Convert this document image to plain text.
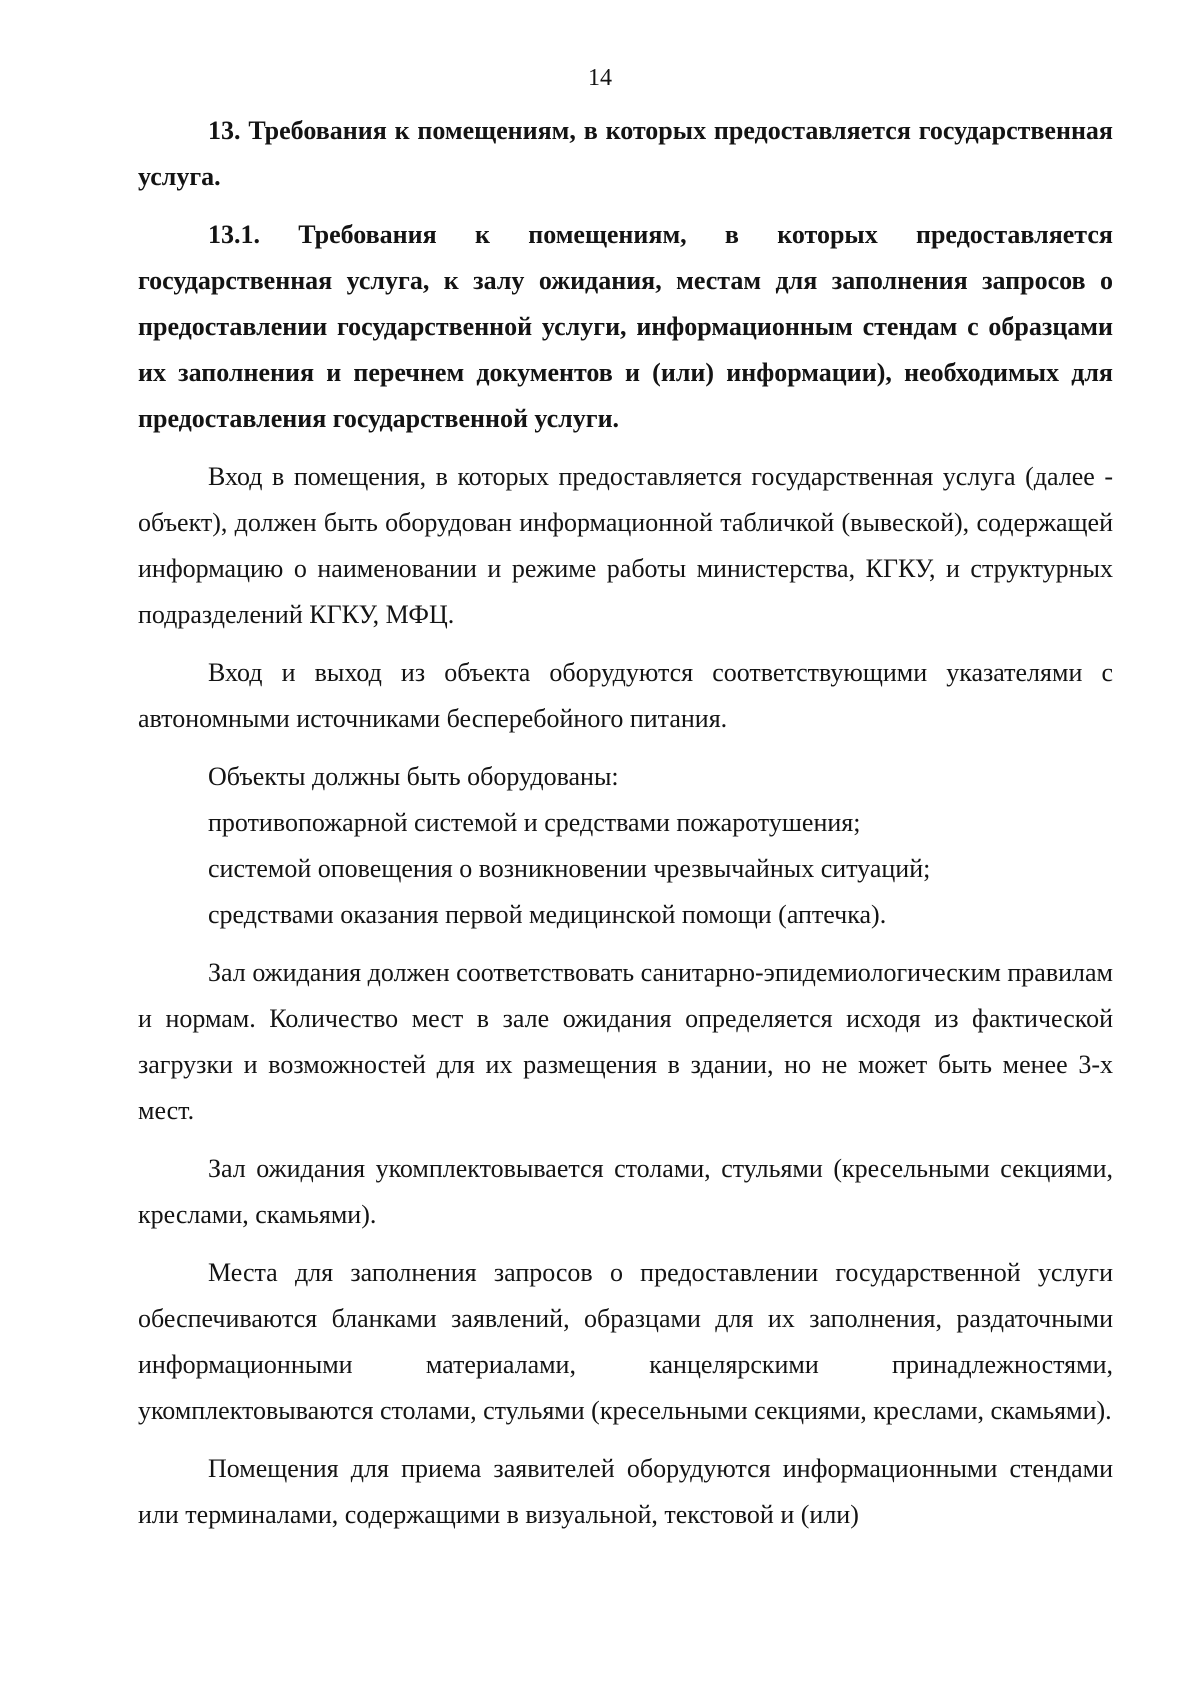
14

13. Требования к помещениям, в которых предоставляется государственная услуга.

13.1. Требования к помещениям, в которых предоставляется государственная услуга, к залу ожидания, местам для заполнения запросов о предоставлении государственной услуги, информационным стендам с образцами их заполнения и перечнем документов и (или) информации), необходимых для предоставления государственной услуги.

Вход в помещения, в которых предоставляется государственная услуга (далее - объект), должен быть оборудован информационной табличкой (вывеской), содержащей информацию о наименовании и режиме работы министерства, КГКУ, и структурных подразделений КГКУ, МФЦ.

Вход и выход из объекта оборудуются соответствующими указателями с автономными источниками бесперебойного питания.

Объекты должны быть оборудованы:

противопожарной системой и средствами пожаротушения;

системой оповещения о возникновении чрезвычайных ситуаций;

средствами оказания первой медицинской помощи (аптечка).

Зал ожидания должен соответствовать санитарно-эпидемиологическим правилам и нормам. Количество мест в зале ожидания определяется исходя из фактической загрузки и возможностей для их размещения в здании, но не может быть менее 3-х мест.

Зал ожидания укомплектовывается столами, стульями (кресельными секциями, креслами, скамьями).

Места для заполнения запросов о предоставлении государственной услуги обеспечиваются бланками заявлений, образцами для их заполнения, раздаточными информационными материалами, канцелярскими принадлежностями, укомплектовываются столами, стульями (кресельными секциями, креслами, скамьями).

Помещения для приема заявителей оборудуются информационными стендами или терминалами, содержащими в визуальной, текстовой и (или)
